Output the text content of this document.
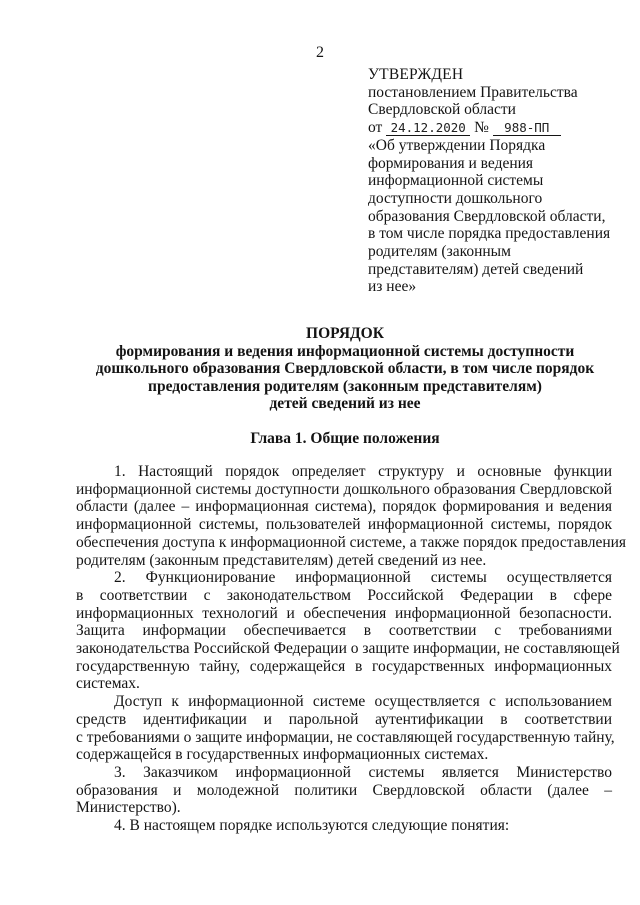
2
УТВЕРЖДЕН
постановлением Правительства
Свердловской области
от 24.12.2020 № 988-ПП
«Об утверждении Порядка
формирования и ведения
информационной системы
доступности дошкольного
образования Свердловской области,
в том числе порядка предоставления
родителям (законным
представителям) детей сведений
из нее»
ПОРЯДОК
формирования и ведения информационной системы доступности
дошкольного образования Свердловской области, в том числе порядок
предоставления родителям (законным представителям)
детей сведений из нее
Глава 1. Общие положения
1. Настоящий порядок определяет структуру и основные функции
информационной системы доступности дошкольного образования Свердловской
области (далее – информационная система), порядок формирования и ведения
информационной системы, пользователей информационной системы, порядок
обеспечения доступа к информационной системе, а также порядок предоставления
родителям (законным представителям) детей сведений из нее.
2. Функционирование информационной системы осуществляется
в соответствии с законодательством Российской Федерации в сфере
информационных технологий и обеспечения информационной безопасности.
Защита информации обеспечивается в соответствии с требованиями
законодательства Российской Федерации о защите информации, не составляющей
государственную тайну, содержащейся в государственных информационных
системах.
Доступ к информационной системе осуществляется с использованием
средств идентификации и парольной аутентификации в соответствии
с требованиями о защите информации, не составляющей государственную тайну,
содержащейся в государственных информационных системах.
3. Заказчиком информационной системы является Министерство
образования и молодежной политики Свердловской области (далее –
Министерство).
4. В настоящем порядке используются следующие понятия:
